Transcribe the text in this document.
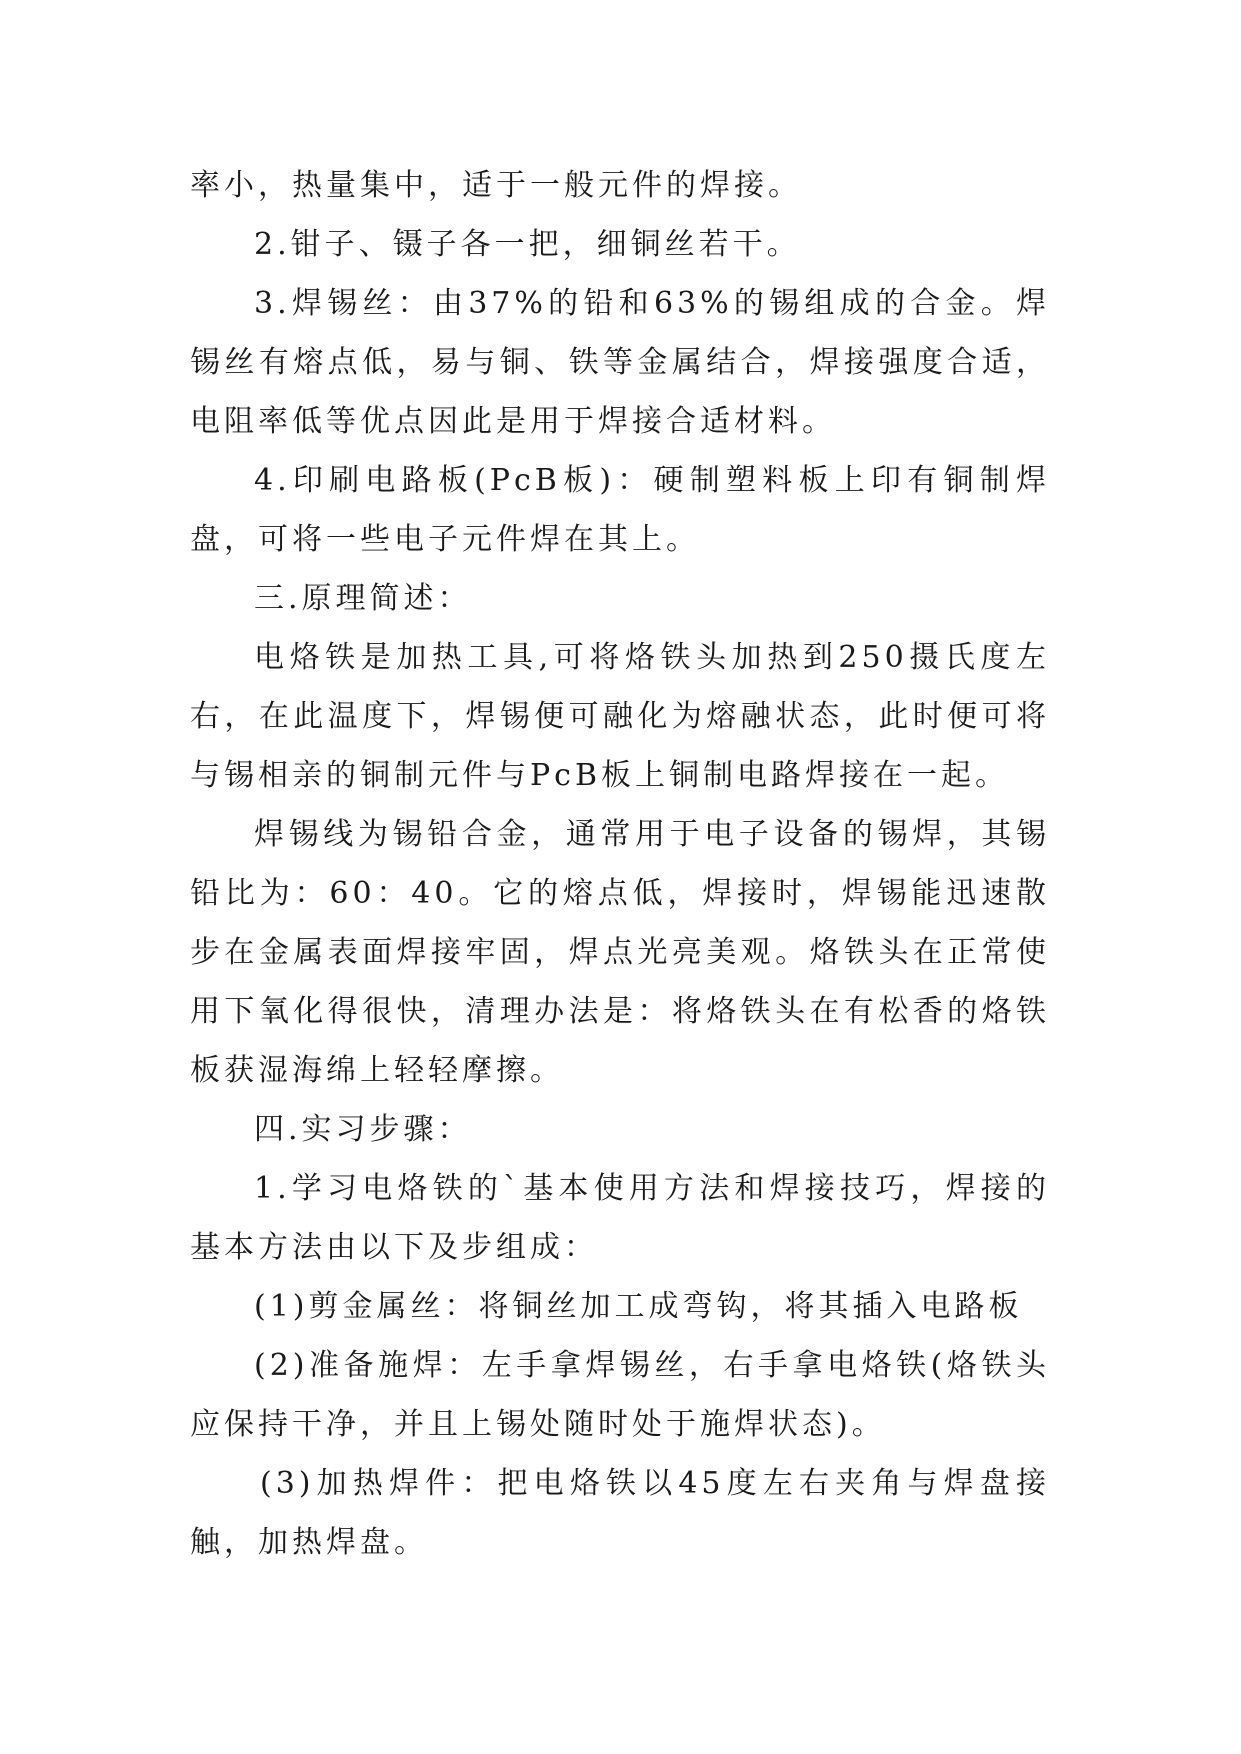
率小，热量集中，适于一般元件的焊接。

2.钳子、镊子各一把，细铜丝若干。

3.焊锡丝：由37%的铅和63%的锡组成的合金。焊锡丝有熔点低，易与铜、铁等金属结合，焊接强度合适，电阻率低等优点因此是用于焊接合适材料。

4.印刷电路板(PcB板)：硬制塑料板上印有铜制焊盘，可将一些电子元件焊在其上。

三.原理简述：

电烙铁是加热工具,可将烙铁头加热到250摄氏度左右，在此温度下，焊锡便可融化为熔融状态，此时便可将与锡相亲的铜制元件与PcB板上铜制电路焊接在一起。

焊锡线为锡铅合金，通常用于电子设备的锡焊，其锡铅比为：60：40。它的熔点低，焊接时，焊锡能迅速散步在金属表面焊接牢固，焊点光亮美观。烙铁头在正常使用下氧化得很快，清理办法是：将烙铁头在有松香的烙铁板获湿海绵上轻轻摩擦。

四.实习步骤：

1.学习电烙铁的`基本使用方法和焊接技巧，焊接的基本方法由以下及步组成：

(1)剪金属丝：将铜丝加工成弯钩，将其插入电路板

(2)准备施焊：左手拿焊锡丝，右手拿电烙铁(烙铁头应保持干净，并且上锡处随时处于施焊状态)。

(3)加热焊件：把电烙铁以45度左右夹角与焊盘接触，加热焊盘。
